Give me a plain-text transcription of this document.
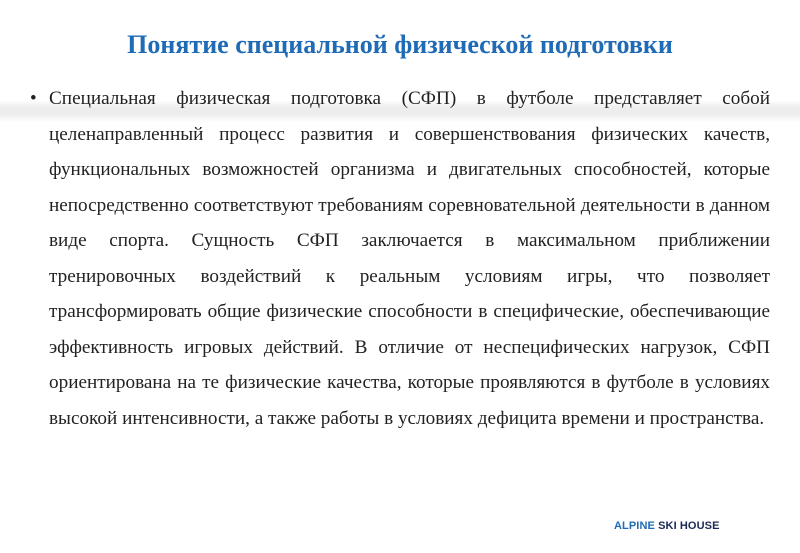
Понятие специальной физической подготовки
• Специальная физическая подготовка (СФП) в футболе представляет собой целенаправленный процесс развития и совершенствования физических качеств, функциональных возможностей организма и двигательных способностей, которые непосредственно соответствуют требованиям соревновательной деятельности в данном виде спорта. Сущность СФП заключается в максимальном приближении тренировочных воздействий к реальным условиям игры, что позволяет трансформировать общие физические способности в специфические, обеспечивающие эффективность игровых действий. В отличие от неспецифических нагрузок, СФП ориентирована на те физические качества, которые проявляются в футболе в условиях высокой интенсивности, а также работы в условиях дефицита времени и пространства.

ALPINE SKI HOUSE
